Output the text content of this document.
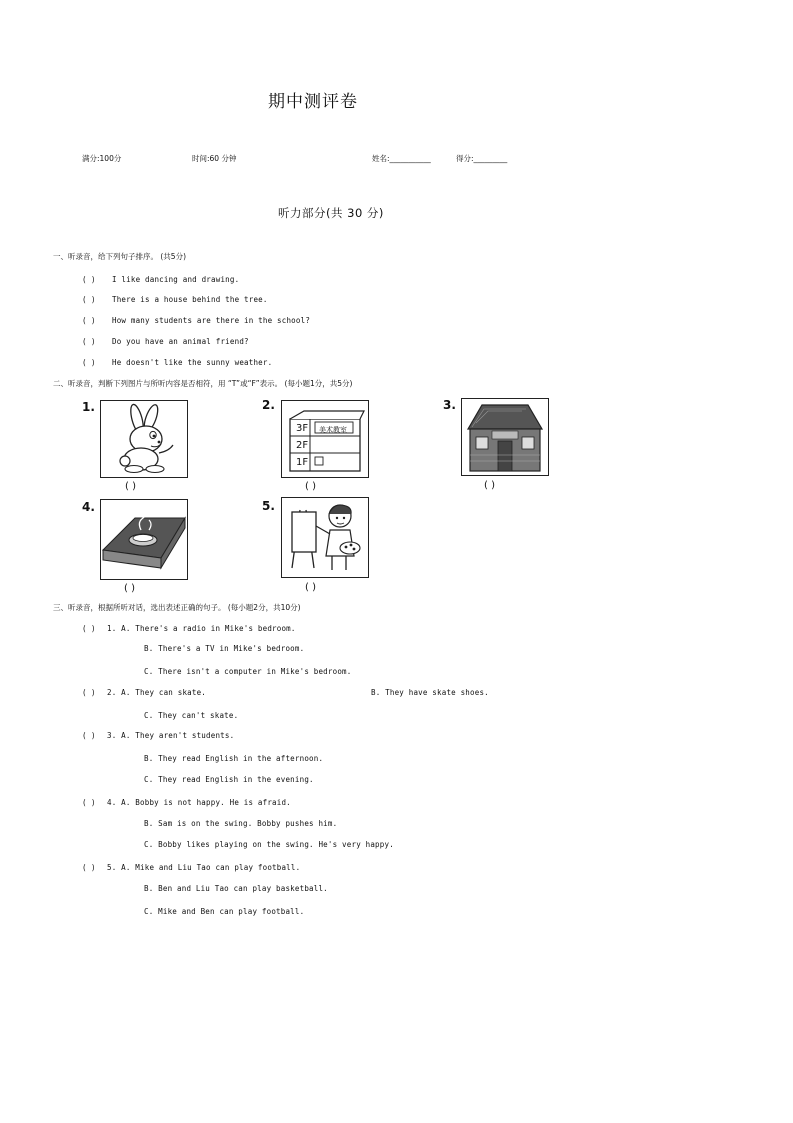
期中测评卷
满分:100分	时间:60 分钟	姓名:___________	得分:_________
听力部分(共 30 分)
一、听录音，给下列句子排序。 (共5分)
( ) I like dancing and drawing.
( ) There is a house behind the tree.
( ) How many students are there in the school?
( ) Do you have an animal friend?
( ) He doesn't like the sunny weather.
二、听录音，判断下列图片与所听内容是否相符，用 “T”或“F”表示。 (每小题1分，共5分)
1.
( )
2.
3F
2F
1F
美术教室
( )
3.
( )
4.
( )
5.
( )
三、听录音，根据所听对话，选出表述正确的句子。 (每小题2分，共10分)
( ) 1. A. There's a radio in Mike's bedroom.
B. There's a TV in Mike's bedroom.
C. There isn't a computer in Mike's bedroom.
( ) 2. A. They can skate.	B. They have skate shoes.
C. They can't skate.
( ) 3. A. They aren't students.
B. They read English in the afternoon.
C. They read English in the evening.
( ) 4. A. Bobby is not happy. He is afraid.
B. Sam is on the swing. Bobby pushes him.
C. Bobby likes playing on the swing. He's very happy.
( ) 5. A. Mike and Liu Tao can play football.
B. Ben and Liu Tao can play basketball.
C. Mike and Ben can play football.
